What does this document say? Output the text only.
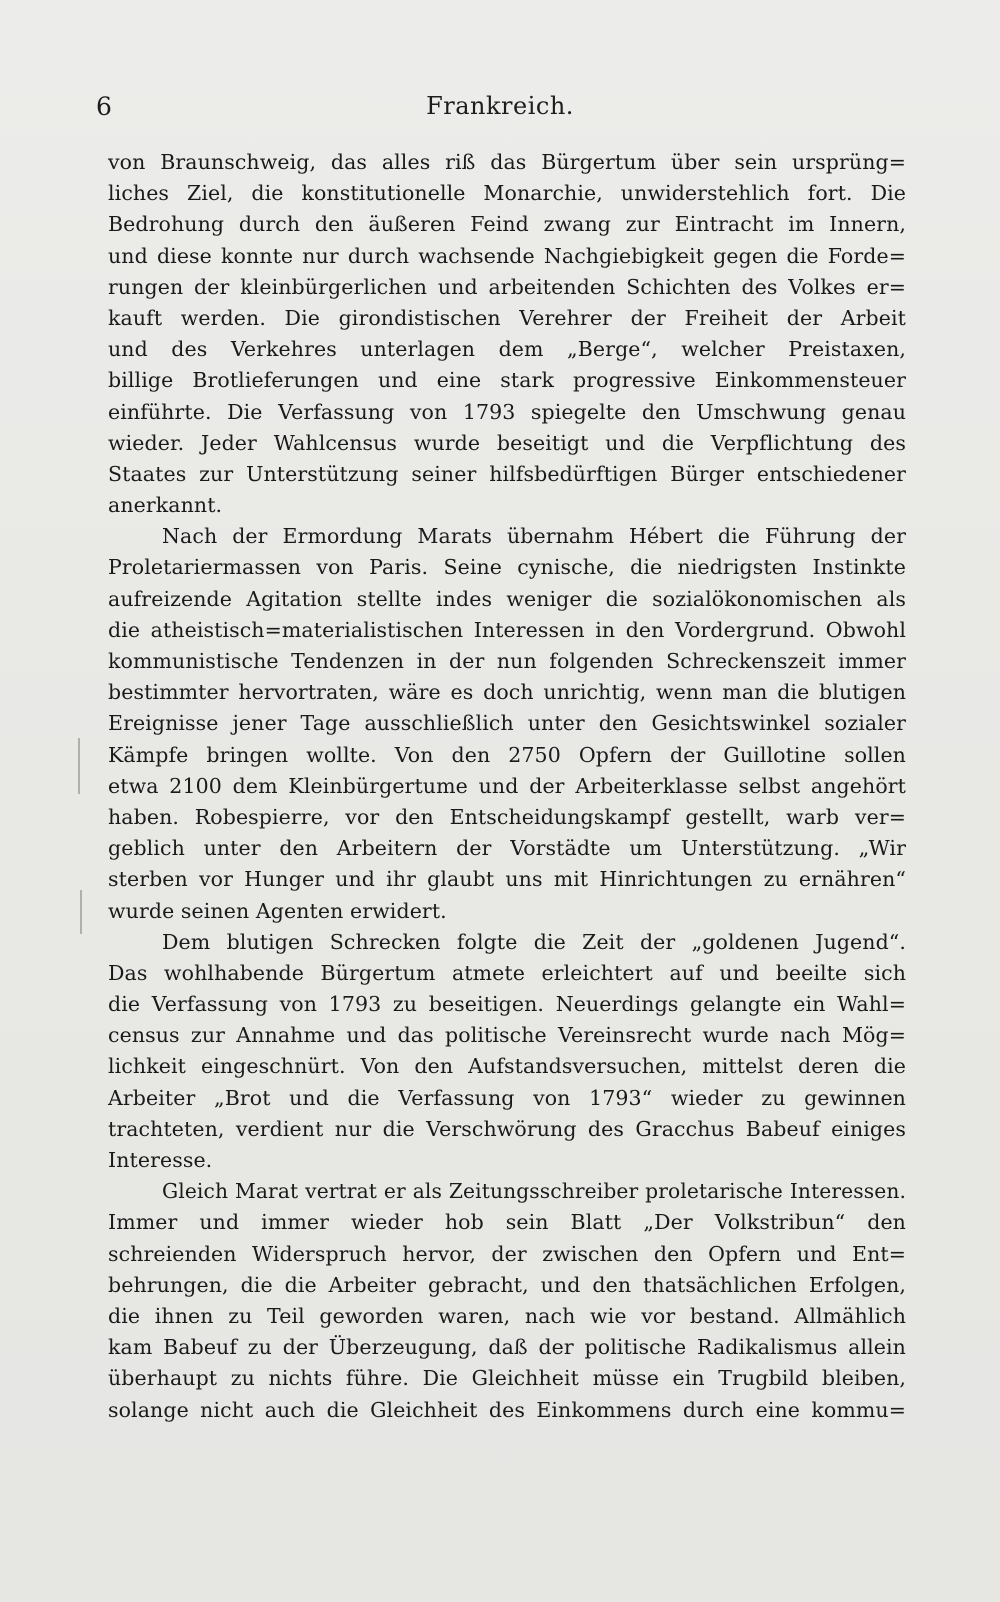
6	Frankreich.
von Braunschweig, das alles riß das Bürgertum über sein ursprüng=
liches Ziel, die konstitutionelle Monarchie, unwiderstehlich fort. Die
Bedrohung durch den äußeren Feind zwang zur Eintracht im Innern,
und diese konnte nur durch wachsende Nachgiebigkeit gegen die Forde=
rungen der kleinbürgerlichen und arbeitenden Schichten des Volkes er=
kauft werden. Die girondistischen Verehrer der Freiheit der Arbeit
und des Verkehres unterlagen dem „Berge“, welcher Preistaxen,
billige Brotlieferungen und eine stark progressive Einkommensteuer
einführte. Die Verfassung von 1793 spiegelte den Umschwung genau
wieder. Jeder Wahlcensus wurde beseitigt und die Verpflichtung des
Staates zur Unterstützung seiner hilfsbedürftigen Bürger entschiedener
anerkannt.
Nach der Ermordung Marats übernahm Hébert die Führung der
Proletariermassen von Paris. Seine cynische, die niedrigsten Instinkte
aufreizende Agitation stellte indes weniger die sozialökonomischen als
die atheistisch=materialistischen Interessen in den Vordergrund. Obwohl
kommunistische Tendenzen in der nun folgenden Schreckenszeit immer
bestimmter hervortraten, wäre es doch unrichtig, wenn man die blutigen
Ereignisse jener Tage ausschließlich unter den Gesichtswinkel sozialer
Kämpfe bringen wollte. Von den 2750 Opfern der Guillotine sollen
etwa 2100 dem Kleinbürgertume und der Arbeiterklasse selbst angehört
haben. Robespierre, vor den Entscheidungskampf gestellt, warb ver=
geblich unter den Arbeitern der Vorstädte um Unterstützung. „Wir
sterben vor Hunger und ihr glaubt uns mit Hinrichtungen zu ernähren“
wurde seinen Agenten erwidert.
Dem blutigen Schrecken folgte die Zeit der „goldenen Jugend“.
Das wohlhabende Bürgertum atmete erleichtert auf und beeilte sich
die Verfassung von 1793 zu beseitigen. Neuerdings gelangte ein Wahl=
census zur Annahme und das politische Vereinsrecht wurde nach Mög=
lichkeit eingeschnürt. Von den Aufstandsversuchen, mittelst deren die
Arbeiter „Brot und die Verfassung von 1793“ wieder zu gewinnen
trachteten, verdient nur die Verschwörung des Gracchus Babeuf einiges
Interesse.
Gleich Marat vertrat er als Zeitungsschreiber proletarische Interessen.
Immer und immer wieder hob sein Blatt „Der Volkstribun“ den
schreienden Widerspruch hervor, der zwischen den Opfern und Ent=
behrungen, die die Arbeiter gebracht, und den thatsächlichen Erfolgen,
die ihnen zu Teil geworden waren, nach wie vor bestand. Allmählich
kam Babeuf zu der Überzeugung, daß der politische Radikalismus allein
überhaupt zu nichts führe. Die Gleichheit müsse ein Trugbild bleiben,
solange nicht auch die Gleichheit des Einkommens durch eine kommu=
